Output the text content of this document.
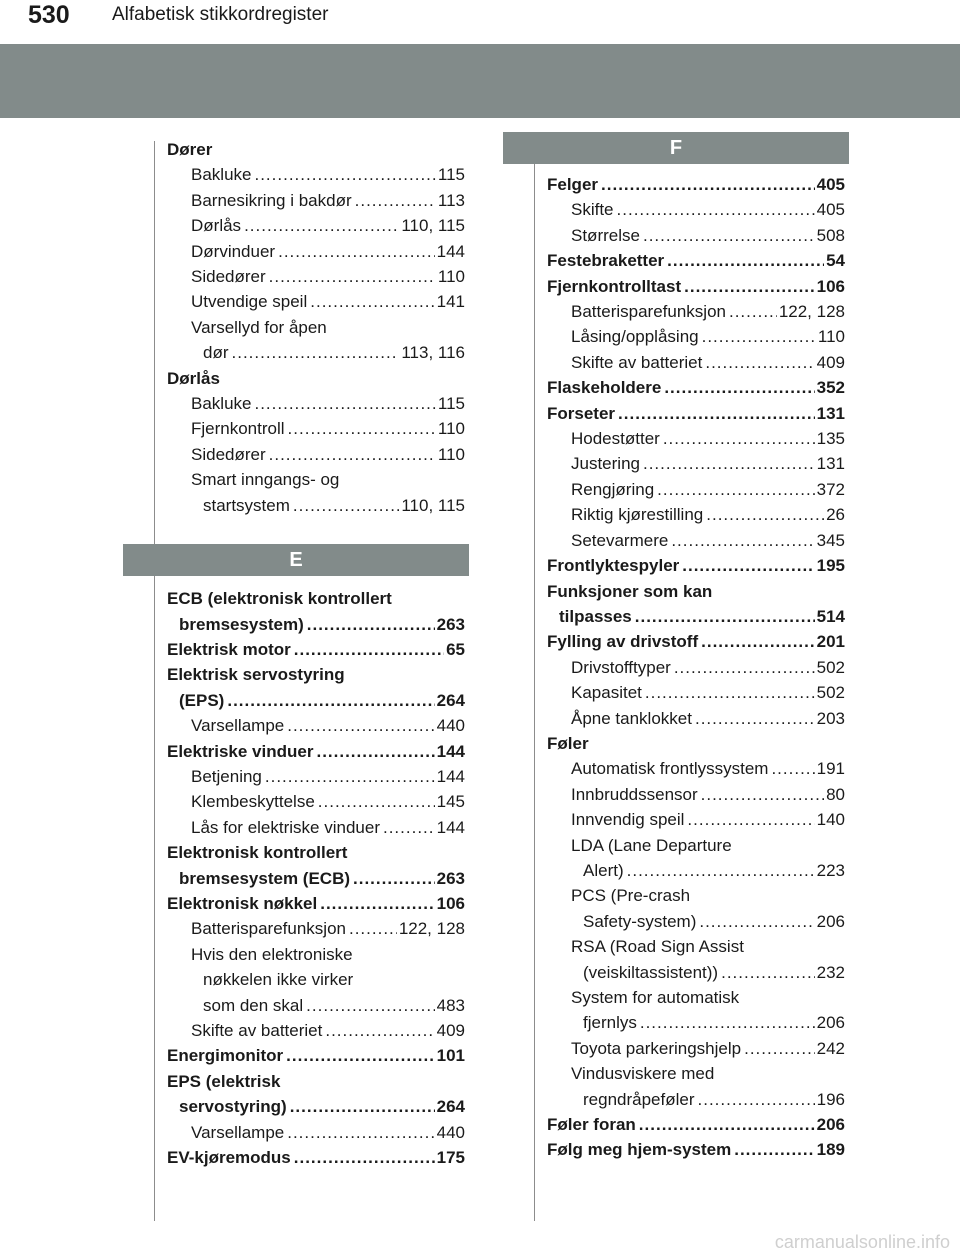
530 Alfabetisk stikkordregister
Dører
Bakluke .....	115
Barnesikring i bakdør .....	113
Dørlås .....	110, 115
Dørvinduer .....	144
Sidedører .....	110
Utvendige speil .....	141
Varsellyd for åpen
dør .....	113, 116
Dørlås
Bakluke .....	115
Fjernkontroll .....	110
Sidedører .....	110
Smart inngangs- og
startsystem .....	110, 115
E
ECB (elektronisk kontrollert
bremsesystem) .....	263
Elektrisk motor .....	65
Elektrisk servostyring
(EPS) .....	264
Varsellampe .....	440
Elektriske vinduer .....	144
Betjening .....	144
Klembeskyttelse .....	145
Lås for elektriske vinduer .....	144
Elektronisk kontrollert
bremsesystem (ECB) .....	263
Elektronisk nøkkel .....	106
Batterisparefunksjon .....	122, 128
Hvis den elektroniske
nøkkelen ikke virker
som den skal .....	483
Skifte av batteriet .....	409
Energimonitor .....	101
EPS (elektrisk
servostyring) .....	264
Varsellampe .....	440
EV-kjøremodus .....	175
F
Felger .....	405
Skifte .....	405
Størrelse .....	508
Festebraketter .....	54
Fjernkontrolltast .....	106
Batterisparefunksjon .....	122, 128
Låsing/opplåsing .....	110
Skifte av batteriet .....	409
Flaskeholdere .....	352
Forseter .....	131
Hodestøtter .....	135
Justering .....	131
Rengjøring .....	372
Riktig kjørestilling .....	26
Setevarmere .....	345
Frontlyktespyler .....	195
Funksjoner som kan
tilpasses .....	514
Fylling av drivstoff .....	201
Drivstofftyper .....	502
Kapasitet .....	502
Åpne tanklokket .....	203
Føler
Automatisk frontlyssystem .....	191
Innbruddssensor .....	80
Innvendig speil .....	140
LDA (Lane Departure
Alert) .....	223
PCS (Pre-crash
Safety-system) .....	206
RSA (Road Sign Assist
(veiskiltassistent)) .....	232
System for automatisk
fjernlys .....	206
Toyota parkeringshjelp .....	242
Vindusviskere med
regndråpeføler .....	196
Føler foran .....	206
Følg meg hjem-system .....	189
carmanualsonline.info
